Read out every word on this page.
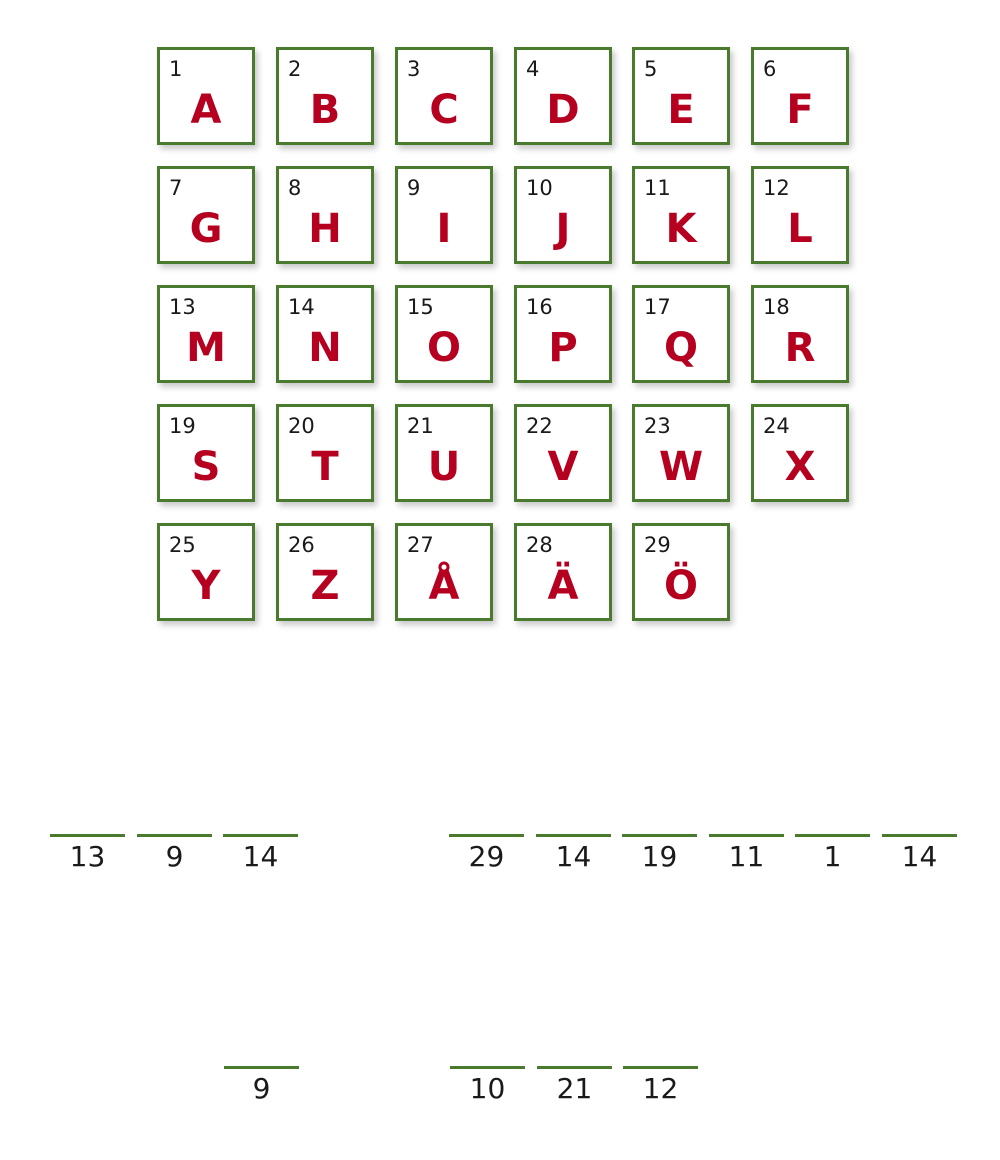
1
A
2
B
3
C
4
D
5
E
6
F
7
G
8
H
9
I
10
J
11
K
12
L
13
M
14
N
15
O
16
P
17
Q
18
R
19
S
20
T
21
U
22
V
23
W
24
X
25
Y
26
Z
27
Å
28
Ä
29
Ö
13	9	14	29	14	19	11	1	14
9	10	21	12
